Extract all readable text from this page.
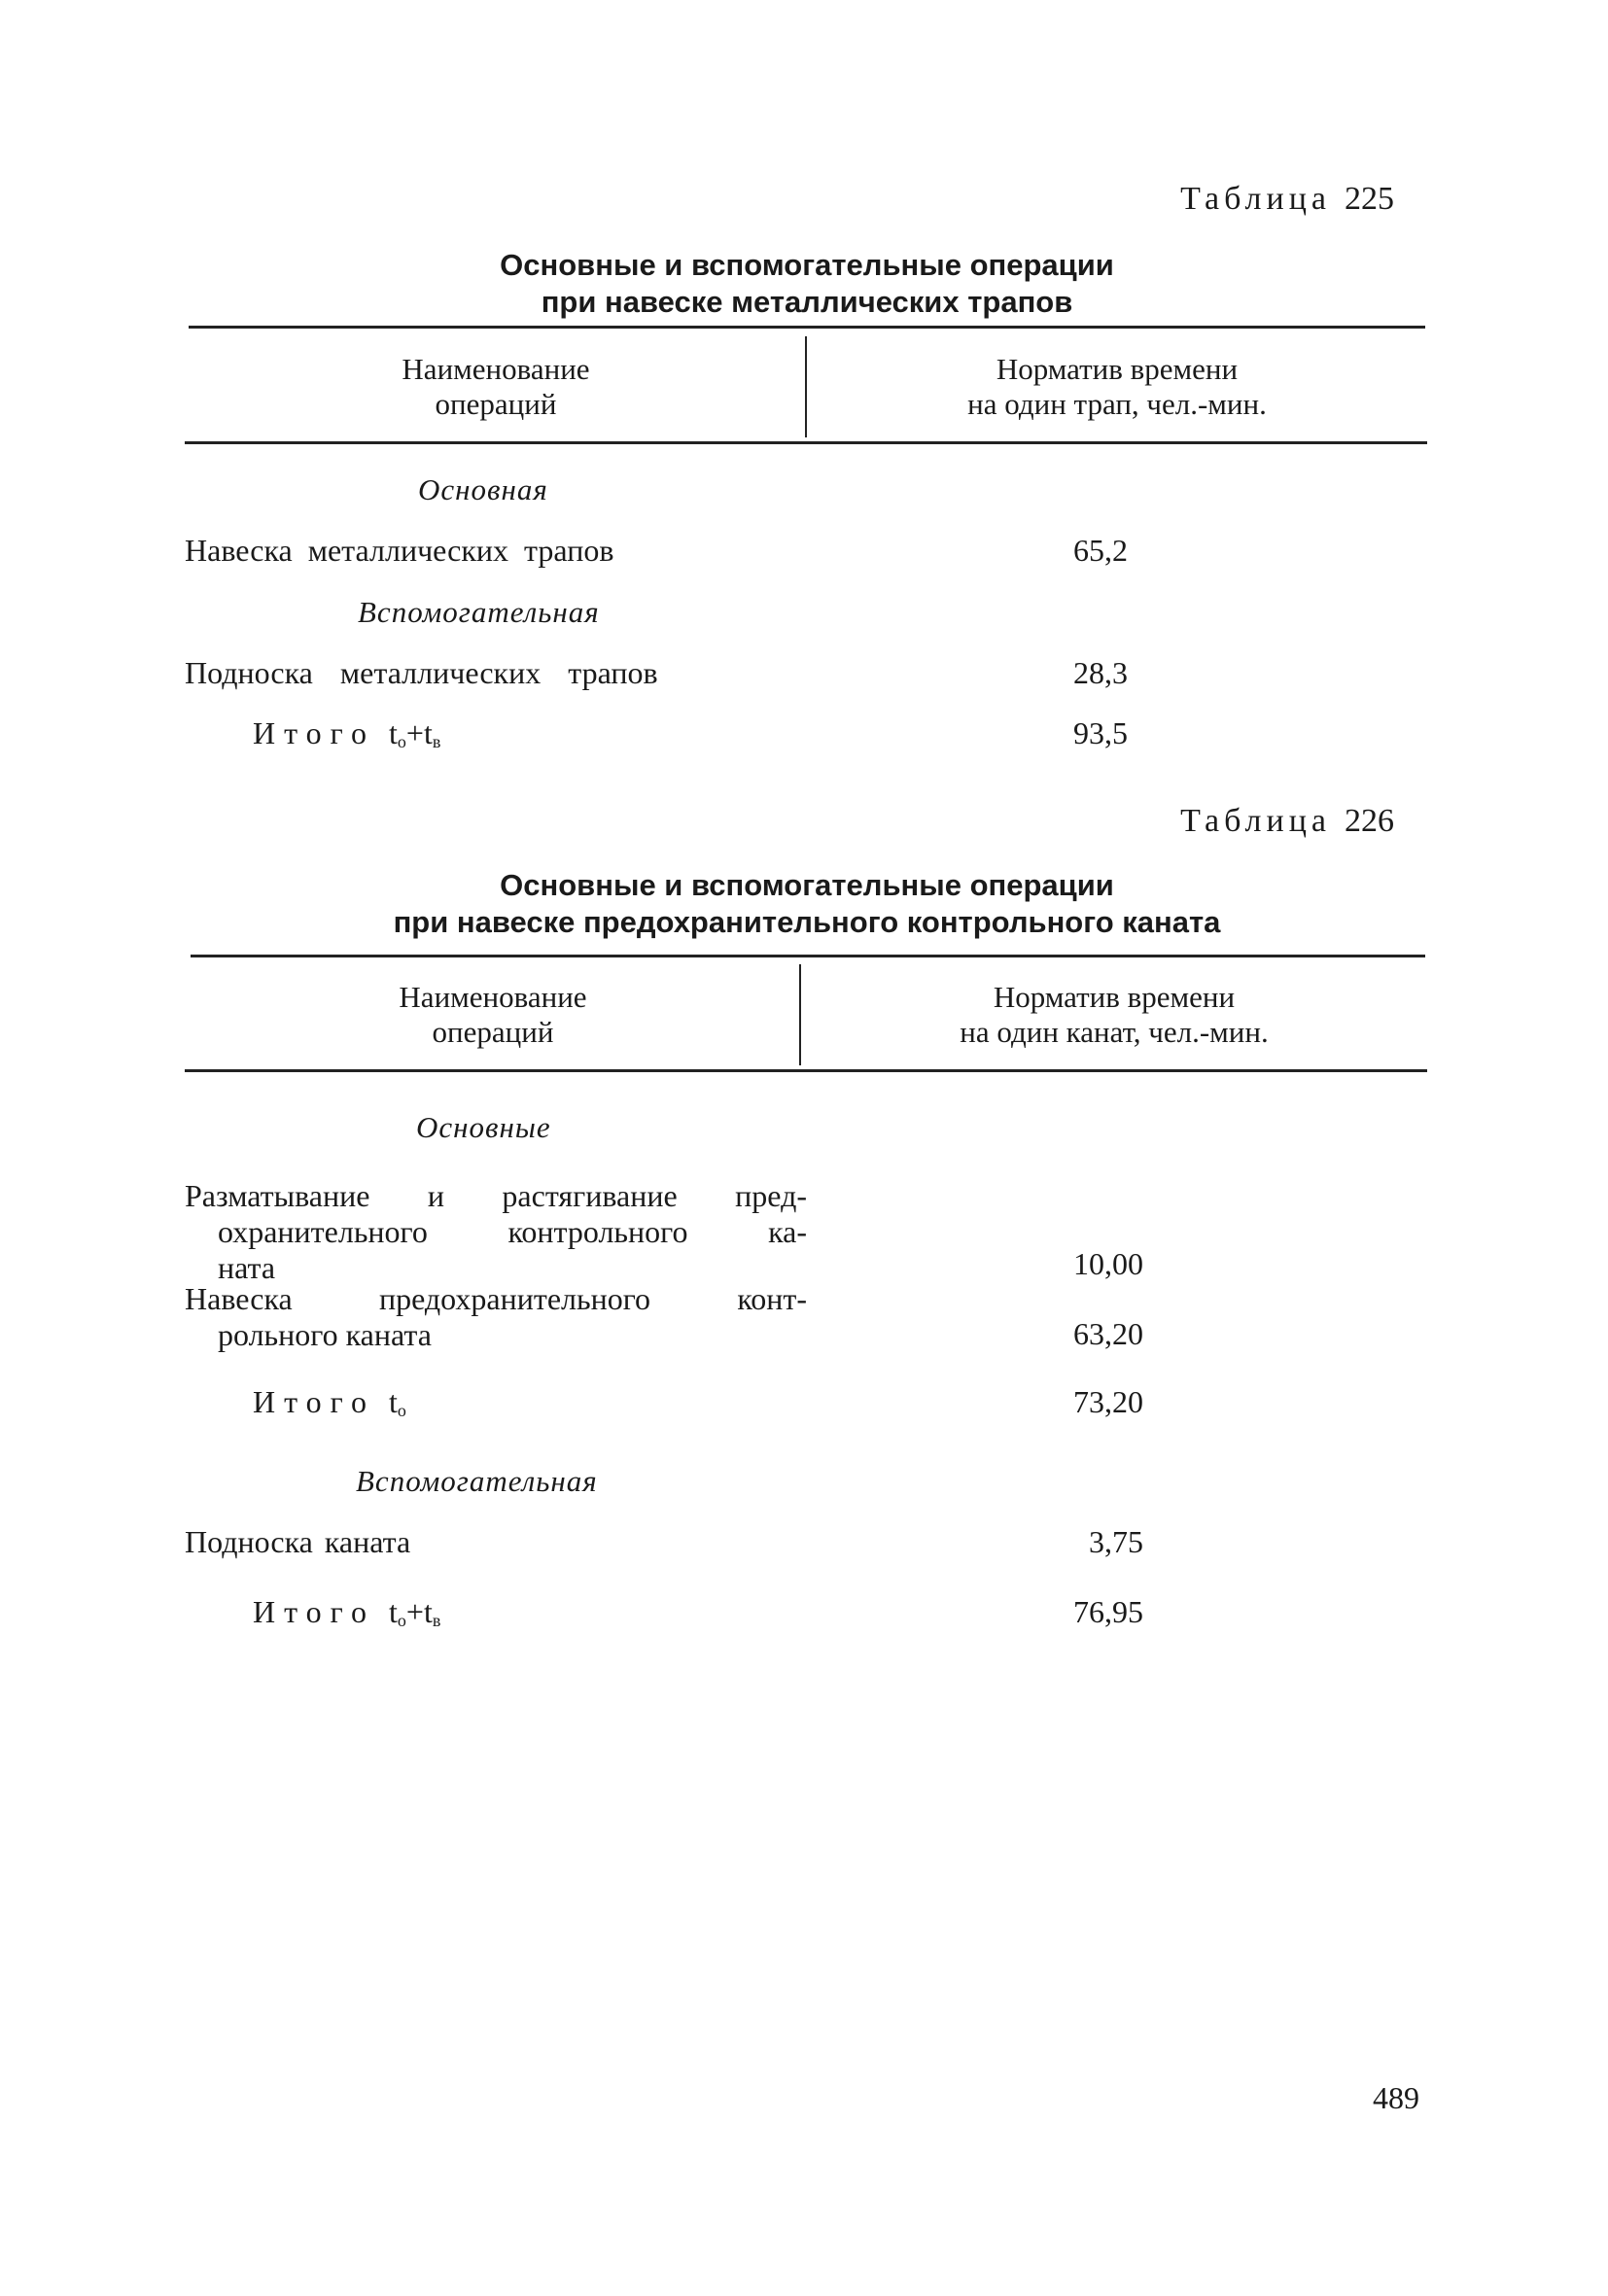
Таблица 225
Основные и вспомогательные операции
при навеске металлических трапов
Наименование
операций
Норматив времени
на один трап, чел.-мин.
Основная
Навеска металлических трапов	65,2
Вспомогательная
Подноска металлических трапов	28,3
Итого $t_о+t_в$	93,5
Таблица 226
Основные и вспомогательные операции
при навеске предохранительного контрольного каната
Наименование
операций
Норматив времени
на один канат, чел.-мин.
Основные
Разматывание и растягивание пред-
охранительного контрольного ка-
ната	10,00
Навеска предохранительного конт-
рольного каната	63,20
Итого $t_о$	73,20
Вспомогательная
Подноска каната	3,75
Итого $t_о+t_в$	76,95
489
